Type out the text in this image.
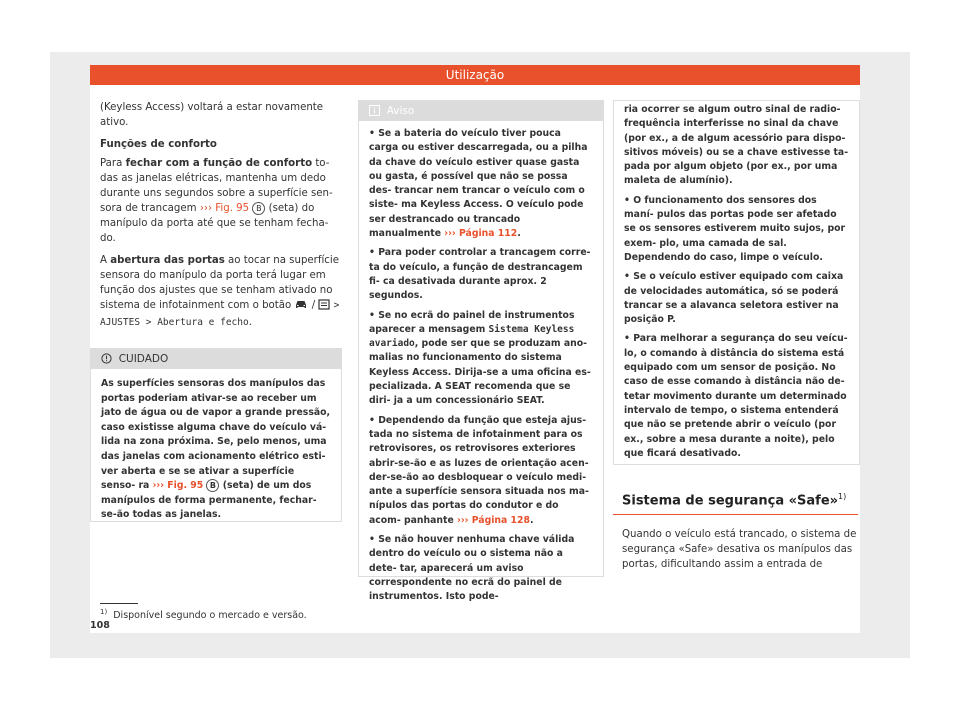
Utilização

(Keyless Access) voltará a estar novamente ativo.

Funções de conforto

Para fechar com a função de conforto to- das as janelas elétricas, mantenha um dedo durante uns segundos sobre a superfície sen- sora de trancagem ››› Fig. 95 B (seta) do manípulo da porta até que se tenham fecha- do.

A abertura das portas ao tocar na superfície sensora do manípulo da porta terá lugar em função dos ajustes que se tenham ativado no sistema de infotainment com o botão  /  > AJUSTES > Abertura e fecho.

CUIDADO
As superfícies sensoras dos manípulos das portas poderiam ativar-se ao receber um jato de água ou de vapor a grande pressão, caso existisse alguma chave do veículo vá- lida na zona próxima. Se, pelo menos, uma das janelas com acionamento elétrico esti- ver aberta e se se ativar a superfície senso- ra ››› Fig. 95 B (seta) de um dos manípulos de forma permanente, fechar-se-ão todas as janelas.
Aviso

• Se a bateria do veículo tiver pouca carga ou estiver descarregada, ou a pilha da chave do veículo estiver quase gasta ou gasta, é possível que não se possa des- trancar nem trancar o veículo com o siste- ma Keyless Access. O veículo pode ser destrancado ou trancado manualmente ››› Página 112.

• Para poder controlar a trancagem corre- ta do veículo, a função de destrancagem fi- ca desativada durante aprox. 2 segundos.

• Se no ecrã do painel de instrumentos aparecer a mensagem Sistema Keyless avariado, pode ser que se produzam ano- malias no funcionamento do sistema Keyless Access. Dirija-se a uma oficina es- pecializada. A SEAT recomenda que se diri- ja a um concessionário SEAT.

• Dependendo da função que esteja ajus- tada no sistema de infotainment para os retrovisores, os retrovisores exteriores abrir-se-ão e as luzes de orientação acen- der-se-ão ao desbloquear o veículo medi- ante a superfície sensora situada nos ma- nípulos das portas do condutor e do acom- panhante ››› Página 128.

• Se não houver nenhuma chave válida dentro do veículo ou o sistema não a dete- tar, aparecerá um aviso correspondente no ecrã do painel de instrumentos. Isto pode-

ria ocorrer se algum outro sinal de radio- frequência interferisse no sinal da chave (por ex., a de algum acessório para dispo- sitivos móveis) ou se a chave estivesse ta- pada por algum objeto (por ex., por uma maleta de alumínio).

• O funcionamento dos sensores dos maní- pulos das portas pode ser afetado se os sensores estiverem muito sujos, por exem- plo, uma camada de sal. Dependendo do caso, limpe o veículo.

• Se o veículo estiver equipado com caixa de velocidades automática, só se poderá trancar se a alavanca seletora estiver na posição P.

• Para melhorar a segurança do seu veícu- lo, o comando à distância do sistema está equipado com um sensor de posição. No caso de esse comando à distância não de- tetar movimento durante um determinado intervalo de tempo, o sistema entenderá que não se pretende abrir o veículo (por ex., sobre a mesa durante a noite), pelo que ficará desativado.

Sistema de segurança «Safe»$^{1)}$
Quando o veículo está trancado, o sistema de segurança «Safe» desativa os manípulos das portas, dificultando assim a entrada de
$^{1)}$ Disponível segundo o mercado e versão.
108
